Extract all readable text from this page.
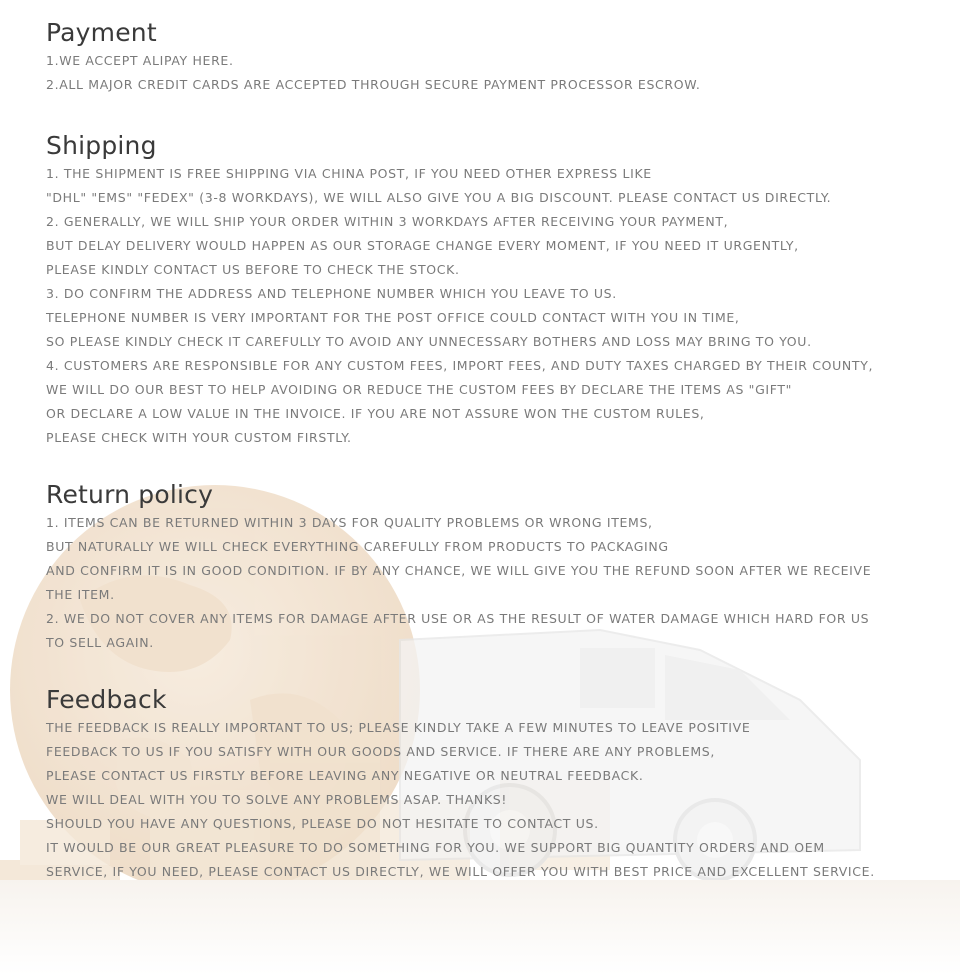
Payment

1.WE ACCEPT ALIPAY HERE.

2.ALL MAJOR CREDIT CARDS ARE ACCEPTED THROUGH SECURE PAYMENT PROCESSOR ESCROW.

Shipping

1. THE SHIPMENT IS FREE SHIPPING VIA CHINA POST, IF YOU NEED OTHER EXPRESS LIKE

"DHL" "EMS" "FEDEX" (3-8 WORKDAYS), WE WILL ALSO GIVE YOU A BIG DISCOUNT. PLEASE CONTACT US DIRECTLY.

2. GENERALLY, WE WILL SHIP YOUR ORDER WITHIN 3 WORKDAYS AFTER RECEIVING YOUR PAYMENT,

BUT DELAY DELIVERY WOULD HAPPEN AS OUR STORAGE CHANGE EVERY MOMENT, IF YOU NEED IT URGENTLY,

PLEASE KINDLY CONTACT US BEFORE TO CHECK THE STOCK.

3. DO CONFIRM THE ADDRESS AND TELEPHONE NUMBER WHICH YOU LEAVE TO US.

TELEPHONE NUMBER IS VERY IMPORTANT FOR THE POST OFFICE COULD CONTACT WITH YOU IN TIME,

SO PLEASE KINDLY CHECK IT CAREFULLY TO AVOID ANY UNNECESSARY BOTHERS AND LOSS MAY BRING TO YOU.

4. CUSTOMERS ARE RESPONSIBLE FOR ANY CUSTOM FEES, IMPORT FEES, AND DUTY TAXES CHARGED BY THEIR COUNTY,

WE WILL DO OUR BEST TO HELP AVOIDING OR REDUCE THE CUSTOM FEES BY DECLARE THE ITEMS AS "GIFT"

OR DECLARE A LOW VALUE IN THE INVOICE. IF YOU ARE NOT ASSURE WON THE CUSTOM RULES,

PLEASE CHECK WITH YOUR CUSTOM FIRSTLY.

Return policy

1. ITEMS CAN BE RETURNED WITHIN 3 DAYS FOR QUALITY PROBLEMS OR WRONG ITEMS,

BUT NATURALLY WE WILL CHECK EVERYTHING CAREFULLY FROM PRODUCTS TO PACKAGING

AND CONFIRM IT IS IN GOOD CONDITION. IF BY ANY CHANCE, WE WILL GIVE YOU THE REFUND SOON AFTER WE RECEIVE

THE ITEM.

2. WE DO NOT COVER ANY ITEMS FOR DAMAGE AFTER USE OR AS THE RESULT OF WATER DAMAGE WHICH HARD FOR US

TO SELL AGAIN.

Feedback

THE FEEDBACK IS REALLY IMPORTANT TO US; PLEASE KINDLY TAKE A FEW MINUTES TO LEAVE POSITIVE

FEEDBACK TO US IF YOU SATISFY WITH OUR GOODS AND SERVICE. IF THERE ARE ANY PROBLEMS,

PLEASE CONTACT US FIRSTLY BEFORE LEAVING ANY NEGATIVE OR NEUTRAL FEEDBACK.

WE WILL DEAL WITH YOU TO SOLVE ANY PROBLEMS ASAP. THANKS!

SHOULD YOU HAVE ANY QUESTIONS, PLEASE DO NOT HESITATE TO CONTACT US.

IT WOULD BE OUR GREAT PLEASURE TO DO SOMETHING FOR YOU. WE SUPPORT BIG QUANTITY ORDERS AND OEM

SERVICE, IF YOU NEED, PLEASE CONTACT US DIRECTLY, WE WILL OFFER YOU WITH BEST PRICE AND EXCELLENT SERVICE.
